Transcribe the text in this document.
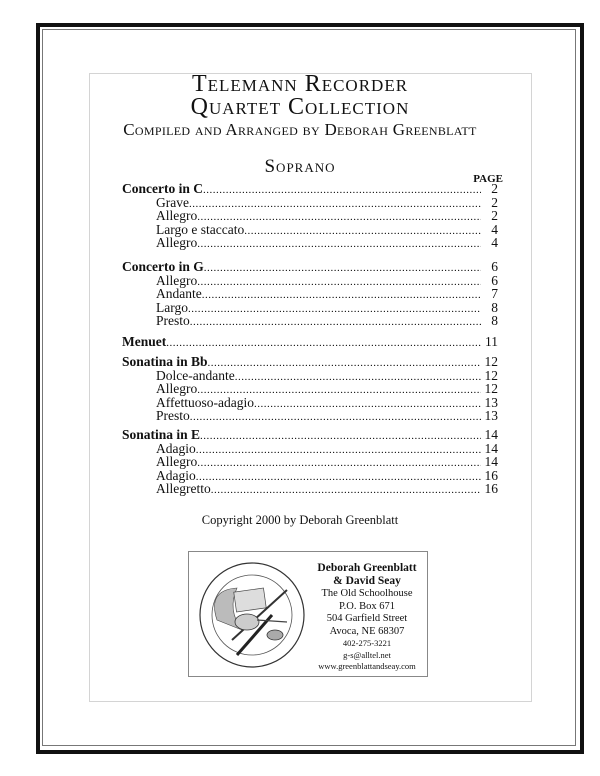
Telemann Recorder
Quartet Collection
Compiled and Arranged by Deborah Greenblatt
Soprano
PAGE
Concerto in C .....	2
Grave .....	2
Allegro .....	2
Largo e staccato .....	4
Allegro .....	4
Concerto in G .....	6
Allegro .....	6
Andante .....	7
Largo .....	8
Presto .....	8
Menuet .....	11
Sonatina in Bb .....	12
Dolce-andante .....	12
Allegro .....	12
Affettuoso-adagio .....	13
Presto .....	13
Sonatina in E .....	14
Adagio .....	14
Allegro .....	14
Adagio .....	16
Allegretto .....	16
Copyright 2000 by Deborah Greenblatt
Deborah Greenblatt
& David Seay
The Old Schoolhouse
P.O. Box 671
504 Garfield Street
Avoca, NE 68307
402-275-3221
g-s@alltel.net
www.greenblattandseay.com
